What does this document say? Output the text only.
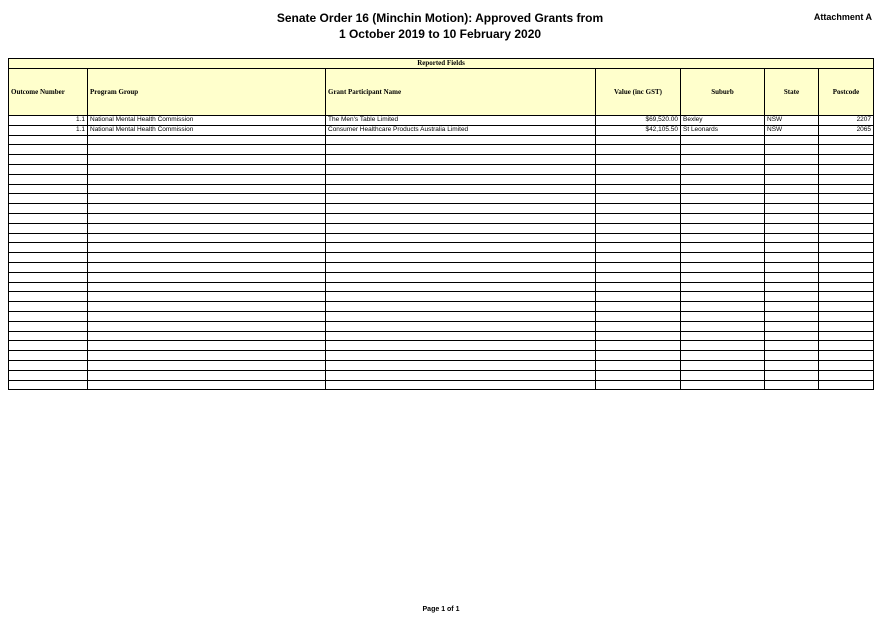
Senate Order 16 (Minchin Motion): Approved Grants from
1 October 2019 to 10 February 2020
Attachment A
Reported Fields						
Outcome Number	Program Group	Grant Participant Name	Value (inc GST)	Suburb	State	Postcode
1.1	National Mental Health Commission	The Men's Table Limited	$69,520.00	Bexley	NSW	2207
1.1	National Mental Health Commission	Consumer Healthcare Products Australia Limited	$42,105.50	St Leonards	NSW	2065

Page 1 of 1
